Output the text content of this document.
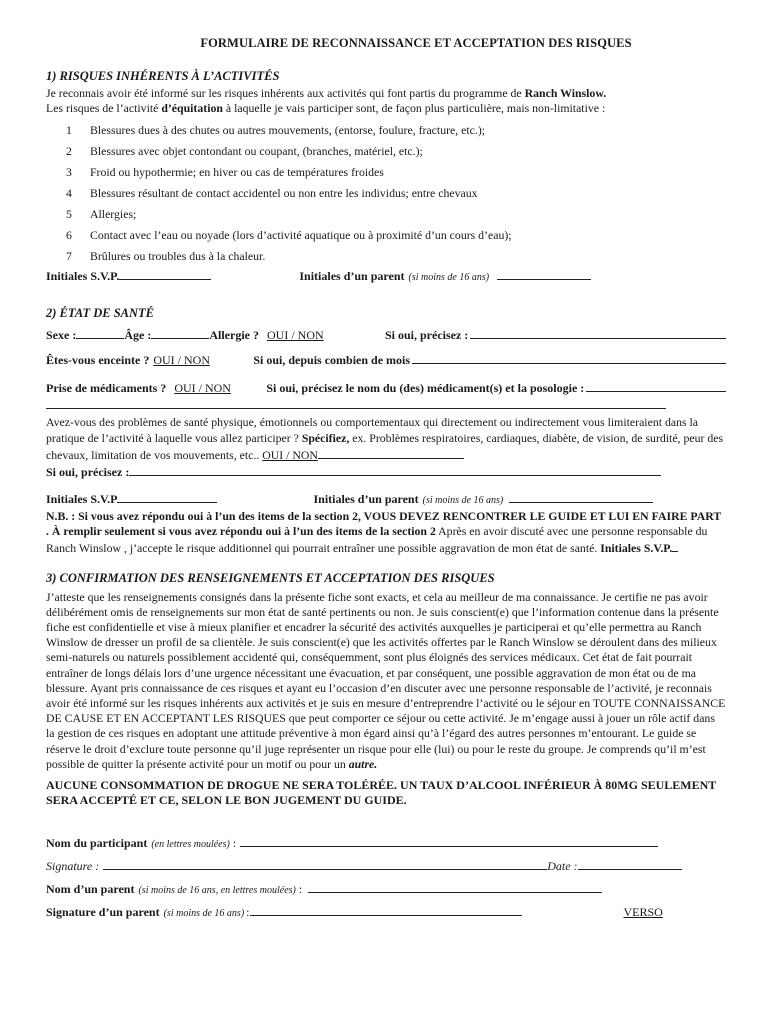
FORMULAIRE DE RECONNAISSANCE ET ACCEPTATION DES RISQUES
1) RISQUES INHÉRENTS À L’ACTIVITÉS
Je reconnais avoir été informé sur les risques inhérents aux activités qui font partis du programme de Ranch Winslow.
Les risques de l’activité d’équitation à laquelle je vais participer sont, de façon plus particulière, mais non-limitative :
1	Blessures dues à des chutes ou autres mouvements, (entorse, foulure, fracture, etc.);
2	Blessures avec objet contondant ou coupant, (branches, matériel, etc.);
3	Froid ou hypothermie; en hiver ou cas de températures froides
4	Blessures résultant de contact accidentel ou non entre les individus; entre chevaux
5	Allergies;
6	Contact avec l’eau ou noyade (lors d’activité aquatique ou à proximité d’un cours d’eau);
7	Brûlures ou troubles dus à la chaleur.
Initiales S.V.P.	Initiales d’un parent (si moins de 16 ans)
2) ÉTAT DE SANTÉ
Sexe :	Âge :	Allergie ? OUI / NON	Si oui, précisez :
Êtes-vous enceinte ? OUI / NON	Si oui, depuis combien de mois
Prise de médicaments ? OUI / NON	Si oui, précisez le nom du (des) médicament(s) et la posologie :
Avez-vous des problèmes de santé physique, émotionnels ou comportementaux qui directement ou indirectement vous limiteraient dans la pratique de l’activité à laquelle vous allez participer ? Spécifiez, ex. Problèmes respiratoires, cardiaques, diabète, de vision, de surdité, peur des chevaux, limitation de vos mouvements, etc.. OUI / NON
Si oui, précisez :
Initiales S.V.P	Initiales d’un parent (si moins de 16 ans)
N.B. : Si vous avez répondu oui à l’un des items de la section 2, VOUS DEVEZ RENCONTRER LE GUIDE ET LUI EN FAIRE PART . À remplir seulement si vous avez répondu oui à l’un des items de la section 2 Après en avoir discuté avec une personne responsable du Ranch Winslow , j’accepte le risque additionnel qui pourrait entraîner une possible aggravation de mon état de santé. Initiales S.V.P.
3) CONFIRMATION DES RENSEIGNEMENTS ET ACCEPTATION DES RISQUES
J’atteste que les renseignements consignés dans la présente fiche sont exacts, et cela au meilleur de ma connaissance. Je certifie ne pas avoir délibérément omis de renseignements sur mon état de santé pertinents ou non. Je suis conscient(e) que l’information contenue dans la présente fiche est confidentielle et vise à mieux planifier et encadrer la sécurité des activités auxquelles je participerai et qu’elle permettra au Ranch Winslow de dresser un profil de sa clientèle. Je suis conscient(e) que les activités offertes par le Ranch Winslow se déroulent dans des milieux semi-naturels ou naturels possiblement accidenté qui, conséquemment, sont plus éloignés des services médicaux. Cet état de fait pourrait entraîner de longs délais lors d’une urgence nécessitant une évacuation, et par conséquent, une possible aggravation de mon état ou de ma blessure. Ayant pris connaissance de ces risques et ayant eu l’occasion d’en discuter avec une personne responsable de l’activité, je reconnais avoir été informé sur les risques inhérents aux activités et je suis en mesure d’entreprendre l’activité ou le séjour en TOUTE CONNAISSANCE DE CAUSE ET EN ACCEPTANT LES RISQUES que peut comporter ce séjour ou cette activité. Je m’engage aussi à jouer un rôle actif dans la gestion de ces risques en adoptant une attitude préventive à mon égard ainsi qu’à l’égard des autres personnes m’entourant. Le guide se réserve le droit d’exclure toute personne qu’il juge représenter un risque pour elle (lui) ou pour le reste du groupe. Je comprends qu’il m’est possible de quitter la présente activité pour un motif ou pour un autre.
AUCUNE CONSOMMATION DE DROGUE NE SERA TOLÉRÉE. UN TAUX D’ALCOOL INFÉRIEUR À 80MG SEULEMENT SERA ACCEPTÉ ET CE, SELON LE BON JUGEMENT DU GUIDE.
Nom du participant (en lettres moulées) :
Signature :	Date :
Nom d’un parent (si moins de 16 ans, en lettres moulées) :
Signature d’un parent (si moins de 16 ans) :	VERSO
